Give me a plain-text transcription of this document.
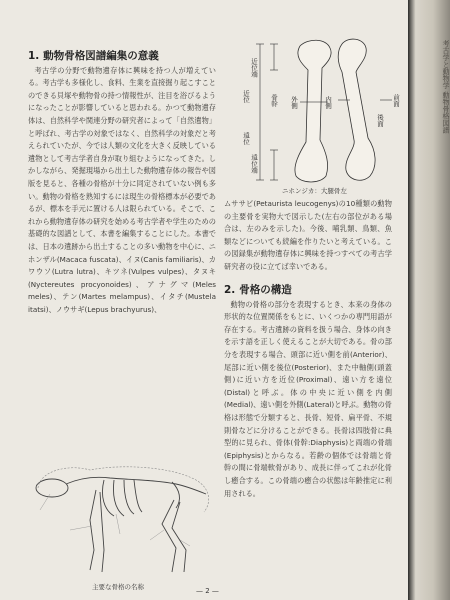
1. 動物骨格図譜編集の意義

考古学の分野で動物遺存体に興味を持つ人が増えている。考古学も多様化し、食料、生業を直接掘り起こすことのできる貝塚や動物骨の持つ情報性が、注目を浴びるようになったことが影響していると思われる。かつて動物遺存体は、自然科学や関連分野の研究者によって「自然遺物」と呼ばれ、考古学の対象ではなく、自然科学の対象だと考えられていたが、今では人類の文化を大きく反映している遺物として考古学者自身が取り組むようになってきた。しかしながら、発掘現場から出土した動物遺存体の報告や図版を見ると、各種の骨格が十分に同定されていない例も多い。動物の骨格を熟知するには現生の骨格標本が必要であるが、標本を手元に置ける人は限られている。そこで、これから動物遺存体の研究を始める考古学者や学生のための基礎的な図譜として、本書を編集することにした。本書では、日本の遺跡から出土することの多い動物を中心に、ニホンザル(Macaca fuscata)、イヌ(Canis familiaris)、カワウソ(Lutra lutra)、キツネ(Vulpes vulpes)、タヌキ(Nyctereutes procyonoides)、アナグマ(Meles meles)、テン(Martes melampus)、イタチ(Mustela itatsi)、ノウサギ(Lepus brachyurus)、

近位端
近位	骨幹
遠位
遠位端
外側	内側	前面
後面
ニホンジカ：大腿骨左
ムササビ(Petaurista leucogenys)の10種類の動物の主要骨を実物大で図示した(左右の部位がある場合は、左のみを示した)。今後、哺乳類、鳥類、魚類などについても続編を作りたいと考えている。この図録集が動物遺存体に興味を持つすべての考古学研究者の役に立てば幸いである。
2. 骨格の構造

動物の骨格の部分を表現するとき、本来の身体の形状的な位置関係をもとに、いくつかの専門用語が存在する。考古遺跡の資料を扱う場合、身体の向きを示す語を正しく使えることが大切である。骨の部分を表現する場合、頭部に近い側を前(Anterior)、尾部に近い側を後位(Posterior)、また中軸側(頭蓋側)に近い方を近位(Proximal)、遠い方を遠位(Distal)と呼ぶ。体の中央に近い側を内側(Medial)、遠い側を外側(Lateral)と呼ぶ。動物の骨格は形態で分類すると、長骨、短骨、扁平骨、不規則骨などに分けることができる。長骨は四肢骨に典型的に見られ、骨体(骨幹:Diaphysis)と両端の骨端(Epiphysis)とからなる。若齢の個体では骨端と骨幹の間に骨端軟骨があり、成長に伴ってこれが化骨し癒合する。この骨端の癒合の状態は年齢推定に利用される。

主要な骨格の名称	— 2 —
考古学と動物学 動物骨格図譜
